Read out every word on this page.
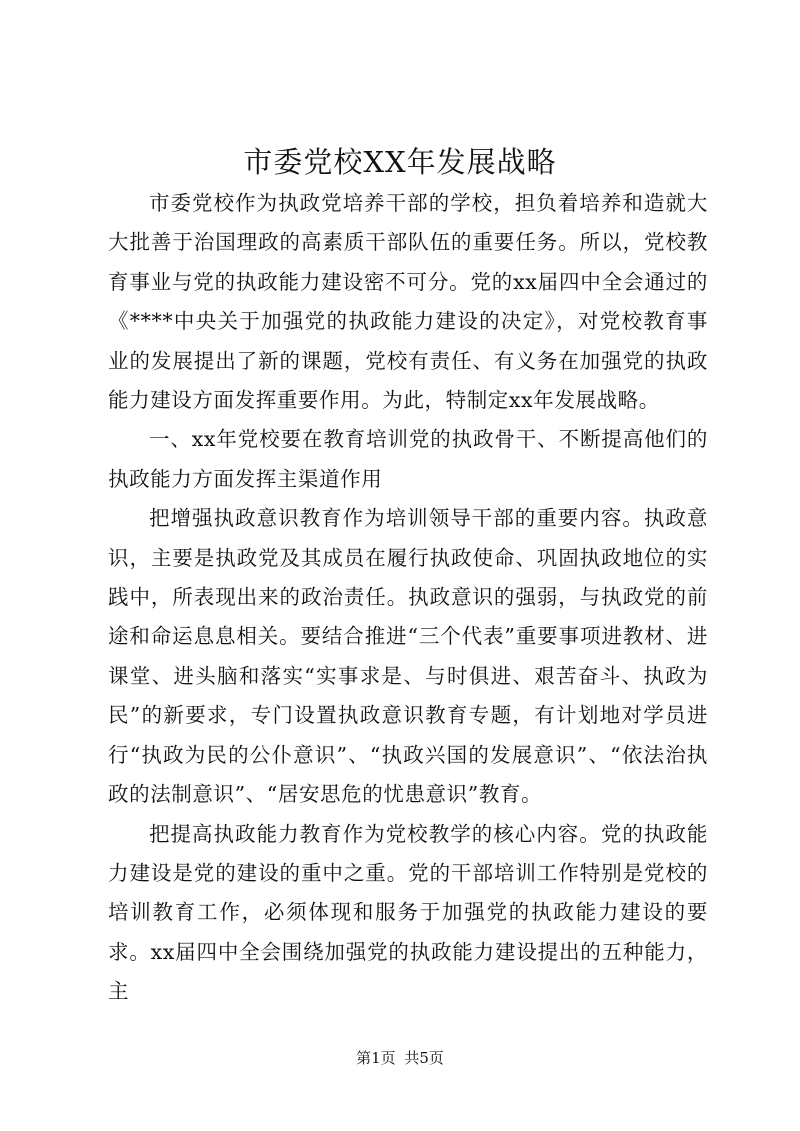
市委党校XX年发展战略

市委党校作为执政党培养干部的学校，担负着培养和造就大大批善于治国理政的高素质干部队伍的重要任务。所以，党校教育事业与党的执政能力建设密不可分。党的xx届四中全会通过的《****中央关于加强党的执政能力建设的决定》，对党校教育事业的发展提出了新的课题，党校有责任、有义务在加强党的执政能力建设方面发挥重要作用。为此，特制定xx年发展战略。

一、xx年党校要在教育培训党的执政骨干、不断提高他们的执政能力方面发挥主渠道作用

把增强执政意识教育作为培训领导干部的重要内容。执政意识，主要是执政党及其成员在履行执政使命、巩固执政地位的实践中，所表现出来的政治责任。执政意识的强弱，与执政党的前途和命运息息相关。要结合推进“三个代表”重要事项进教材、进课堂、进头脑和落实“实事求是、与时俱进、艰苦奋斗、执政为民”的新要求，专门设置执政意识教育专题，有计划地对学员进行“执政为民的公仆意识”、“执政兴国的发展意识”、“依法治执政的法制意识”、“居安思危的忧患意识”教育。

把提高执政能力教育作为党校教学的核心内容。党的执政能力建设是党的建设的重中之重。党的干部培训工作特别是党校的培训教育工作，必须体现和服务于加强党的执政能力建设的要求。xx届四中全会围绕加强党的执政能力建设提出的五种能力，主

第1页 共5页
